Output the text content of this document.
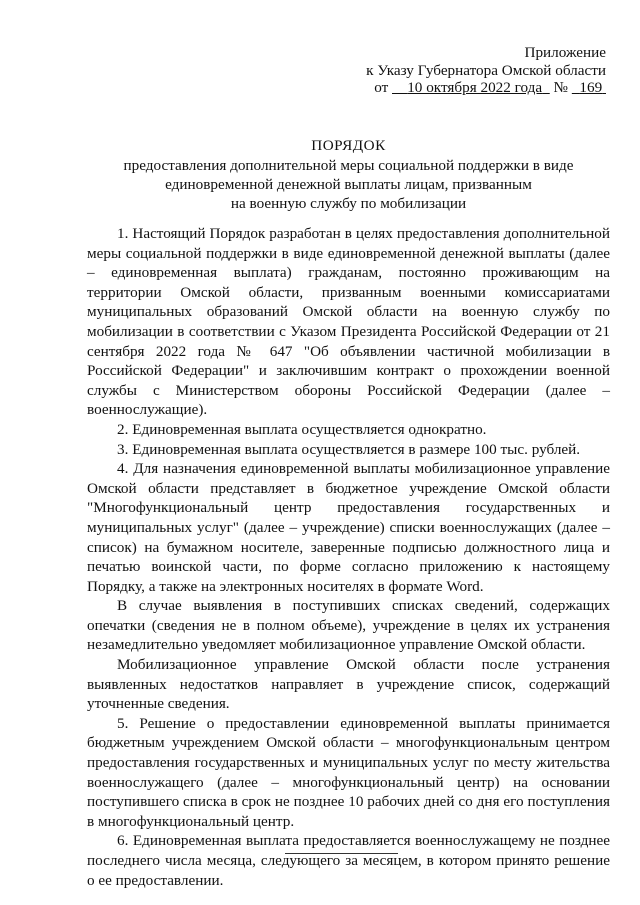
Приложение
к Указу Губернатора Омской области
от 10 октября 2022 года № 169
ПОРЯДОК
предоставления дополнительной меры социальной поддержки в виде
единовременной денежной выплаты лицам, призванным
на военную службу по мобилизации

1. Настоящий Порядок разработан в целях предоставления дополнительной меры социальной поддержки в виде единовременной денежной выплаты (далее – единовременная выплата) гражданам, постоянно проживающим на территории Омской области, призванным военными комиссариатами муниципальных образований Омской области на военную службу по мобилизации в соответствии с Указом Президента Российской Федерации от 21 сентября 2022 года № 647 "Об объявлении частичной мобилизации в Российской Федерации" и заключившим контракт о прохождении военной службы с Министерством обороны Российской Федерации (далее – военнослужащие).

2. Единовременная выплата осуществляется однократно.

3. Единовременная выплата осуществляется в размере 100 тыс. рублей.

4. Для назначения единовременной выплаты мобилизационное управление Омской области представляет в бюджетное учреждение Омской области "Многофункциональный центр предоставления государственных и муниципальных услуг" (далее – учреждение) списки военнослужащих (далее – список) на бумажном носителе, заверенные подписью должностного лица и печатью воинской части, по форме согласно приложению к настоящему Порядку, а также на электронных носителях в формате Word.

В случае выявления в поступивших списках сведений, содержащих опечатки (сведения не в полном объеме), учреждение в целях их устранения незамедлительно уведомляет мобилизационное управление Омской области.

Мобилизационное управление Омской области после устранения выявленных недостатков направляет в учреждение список, содержащий уточненные сведения.

5. Решение о предоставлении единовременной выплаты принимается бюджетным учреждением Омской области – многофункциональным центром предоставления государственных и муниципальных услуг по месту жительства военнослужащего (далее – многофункциональный центр) на основании поступившего списка в срок не позднее 10 рабочих дней со дня его поступления в многофункциональный центр.

6. Единовременная выплата предоставляется военнослужащему не позднее последнего числа месяца, следующего за месяцем, в котором принято решение о ее предоставлении.
